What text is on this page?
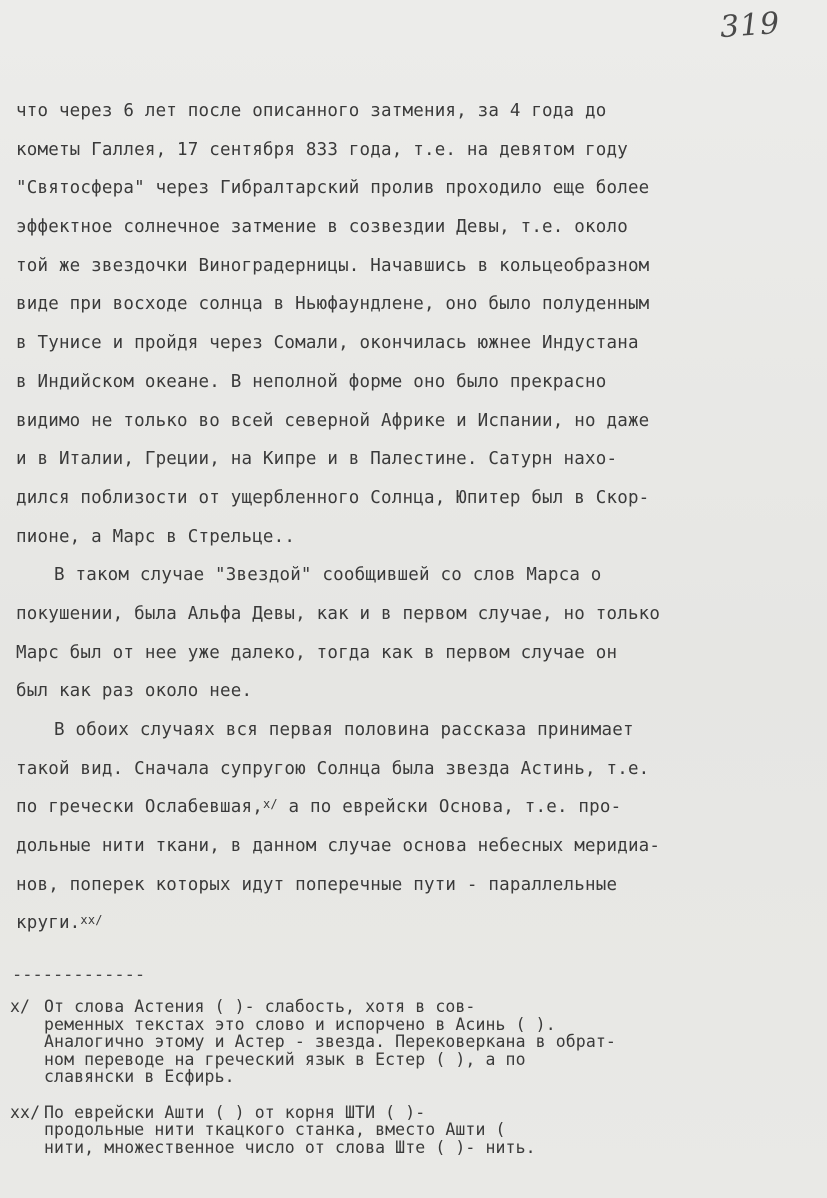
319
что через 6 лет после описанного затмения, за 4 года до
кометы Галлея, 17 сентября 833 года, т.е. на девятом году
"Святосфера" через Гибралтарский пролив проходило еще более
эффектное солнечное затмение в созвездии Девы, т.е. около
той же звездочки Виноградерницы. Начавшись в кольцеобразном
виде при восходе солнца в Ньюфаундлене, оно было полуденным
в Тунисе и пройдя через Сомали, окончилась южнее Индустана
в Индийском океане. В неполной форме оно было прекрасно
видимо не только во всей северной Африке и Испании, но даже
и в Италии, Греции, на Кипре и в Палестине. Сатурн нахо-
дился поблизости от ущербленного Солнца, Юпитер был в Скор-
пионе, а Марс в Стрельце..
В таком случае "Звездой" сообщившей со слов Марса о
покушении, была Альфа Девы, как и в первом случае, но только
Марс был от нее уже далеко, тогда как в первом случае он
был как раз около нее.
В обоих случаях вся первая половина рассказа принимает
такой вид. Сначала супругою Солнца была звезда Астинь, т.е.
по гречески Ослабевшая,$^{x/}$ а по еврейски Основа, т.е. про-
дольные нити ткани, в данном случае основа небесных меридиа-
нов, поперек которых идут поперечные пути - параллельные
круги.$^{xx/}$
-------------
x/ От слова Астения ( )- слабость, хотя в сов-
ременных текстах это слово и испорчено в Асинь ( ).
Аналогично этому и Астер - звезда. Перековеркана в обрат-
ном переводе на греческий язык в Естер ( ), а по
славянски в Есфирь.
xx/ По еврейски Ашти ( ) от корня ШТИ ( )-
продольные нити ткацкого станка, вместо Ашти (
нити, множественное число от слова Ште ( )- нить.
